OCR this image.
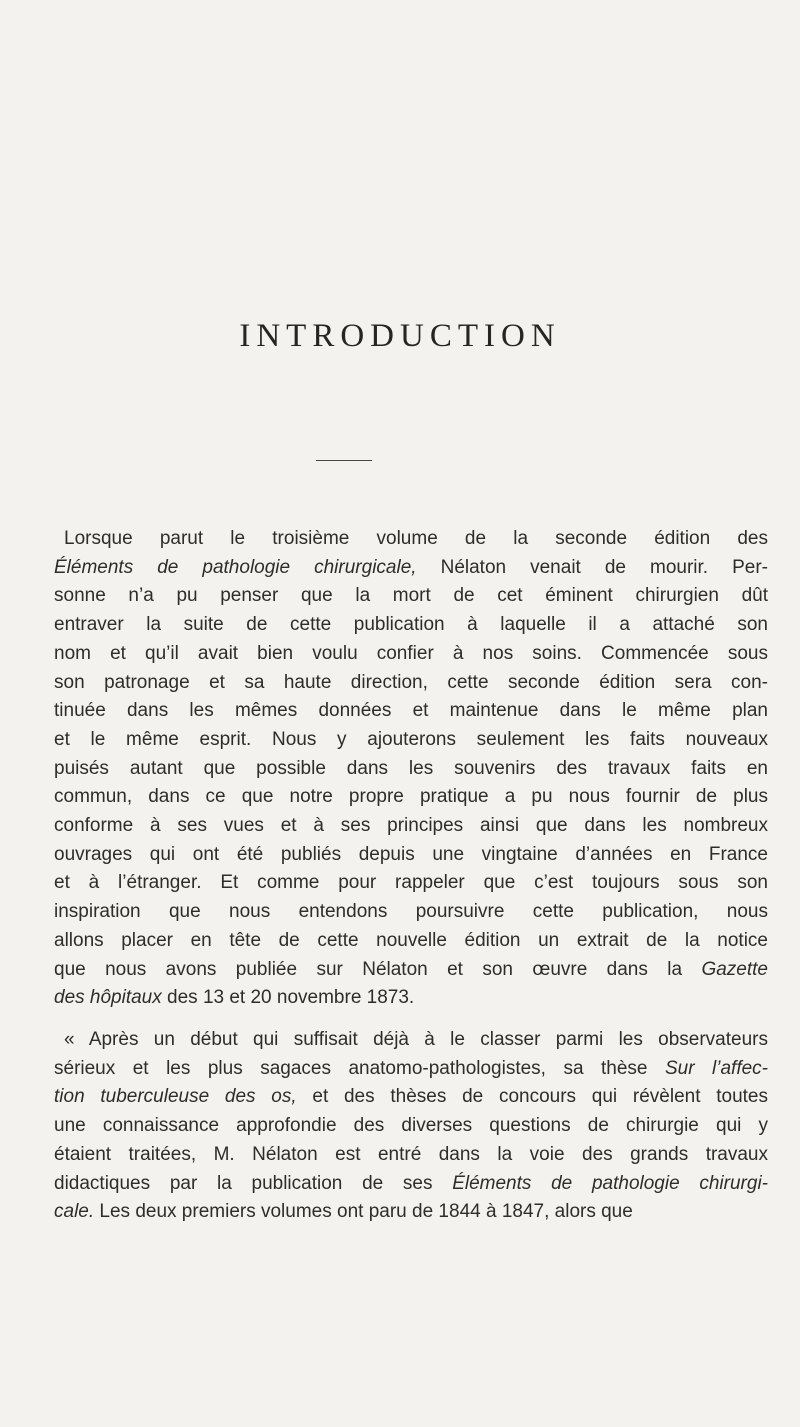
INTRODUCTION

Lorsque parut le troisième volume de la seconde édition des
Éléments de pathologie chirurgicale, Nélaton venait de mourir. Per-
sonne n’a pu penser que la mort de cet éminent chirurgien dût
entraver la suite de cette publication à laquelle il a attaché son
nom et qu’il avait bien voulu confier à nos soins. Commencée sous
son patronage et sa haute direction, cette seconde édition sera con-
tinuée dans les mêmes données et maintenue dans le même plan
et le même esprit. Nous y ajouterons seulement les faits nouveaux
puisés autant que possible dans les souvenirs des travaux faits en
commun, dans ce que notre propre pratique a pu nous fournir de plus
conforme à ses vues et à ses principes ainsi que dans les nombreux
ouvrages qui ont été publiés depuis une vingtaine d’années en France
et à l’étranger. Et comme pour rappeler que c’est toujours sous son
inspiration que nous entendons poursuivre cette publication, nous
allons placer en tête de cette nouvelle édition un extrait de la notice
que nous avons publiée sur Nélaton et son œuvre dans la Gazette
des hôpitaux des 13 et 20 novembre 1873.

« Après un début qui suffisait déjà à le classer parmi les observateurs
sérieux et les plus sagaces anatomo-pathologistes, sa thèse Sur l’affec-
tion tuberculeuse des os, et des thèses de concours qui révèlent toutes
une connaissance approfondie des diverses questions de chirurgie qui y
étaient traitées, M. Nélaton est entré dans la voie des grands travaux
didactiques par la publication de ses Éléments de pathologie chirurgi-
cale. Les deux premiers volumes ont paru de 1844 à 1847, alors que
